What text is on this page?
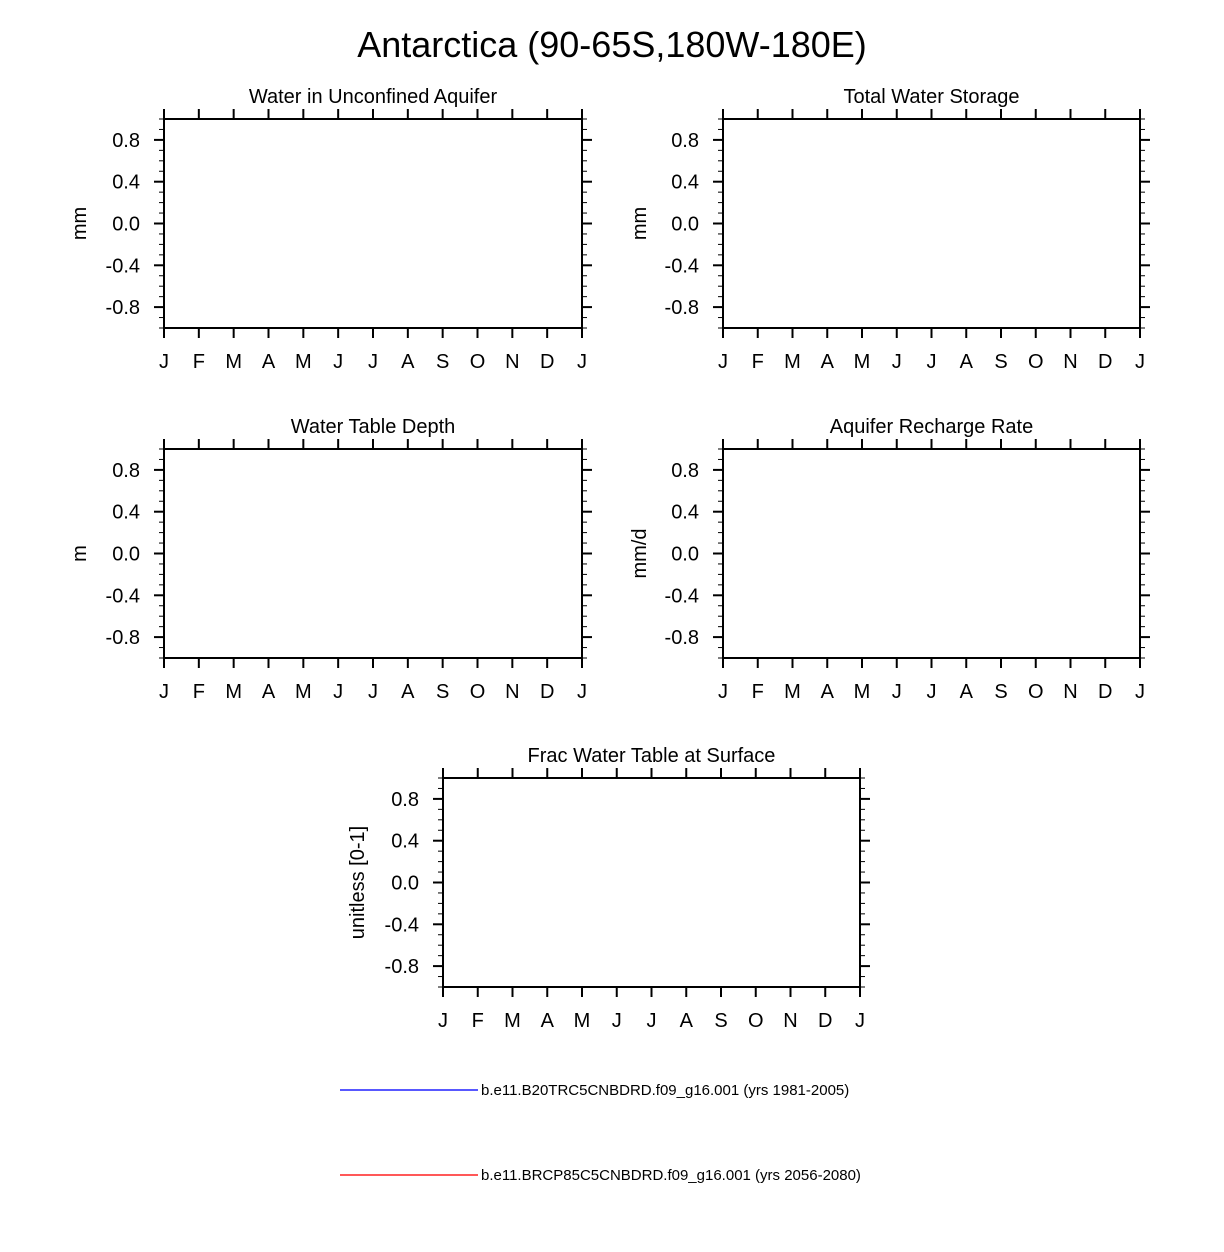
Antarctica (90-65S,180W-180E)
Water in Unconfined Aquifer
mm
0.8
0.4
0.0
-0.4
-0.8
J F M A M J J A S O N D J
Total Water Storage
mm
0.8
0.4
0.0
-0.4
-0.8
J F M A M J J A S O N D J
Water Table Depth
m
0.8
0.4
0.0
-0.4
-0.8
J F M A M J J A S O N D J
Aquifer Recharge Rate
mm/d
0.8
0.4
0.0
-0.4
-0.8
J F M A M J J A S O N D J
Frac Water Table at Surface
unitless [0-1]
0.8
0.4
0.0
-0.4
-0.8
J F M A M J J A S O N D J
b.e11.B20TRC5CNBDRD.f09_g16.001 (yrs 1981-2005)
b.e11.BRCP85C5CNBDRD.f09_g16.001 (yrs 2056-2080)
